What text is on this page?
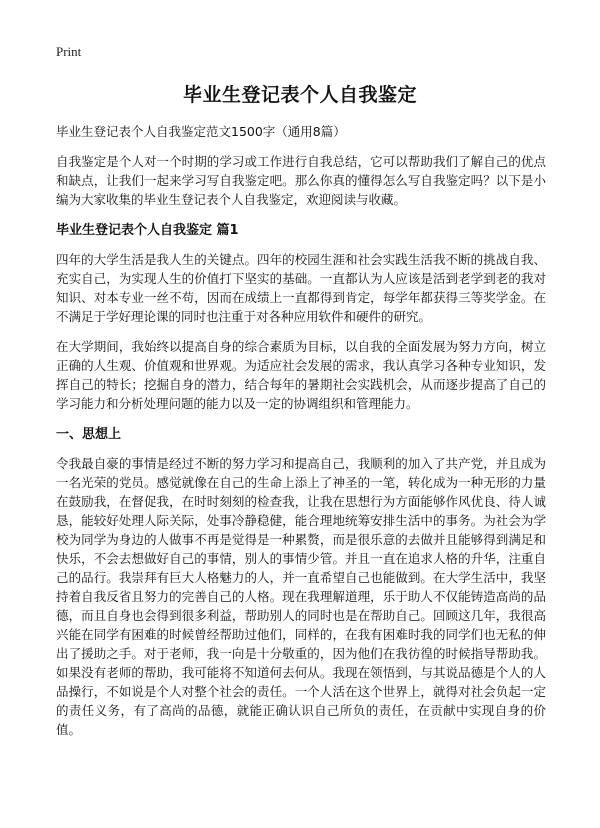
Print
毕业生登记表个人自我鉴定
毕业生登记表个人自我鉴定范文1500字（通用8篇）

自我鉴定是个人对一个时期的学习或工作进行自我总结，它可以帮助我们了解自己的优点和缺点，让我们一起来学习写自我鉴定吧。那么你真的懂得怎么写自我鉴定吗？以下是小编为大家收集的毕业生登记表个人自我鉴定，欢迎阅读与收藏。

毕业生登记表个人自我鉴定 篇1

四年的大学生活是我人生的关键点。四年的校园生涯和社会实践生活我不断的挑战自我、充实自己，为实现人生的价值打下坚实的基础。一直都认为人应该是活到老学到老的我对知识、对本专业一丝不苟，因而在成绩上一直都得到肯定，每学年都获得三等奖学金。在不满足于学好理论课的同时也注重于对各种应用软件和硬件的研究。

在大学期间，我始终以提高自身的综合素质为目标，以自我的全面发展为努力方向，树立正确的人生观、价值观和世界观。为适应社会发展的需求，我认真学习各种专业知识，发挥自己的特长；挖掘自身的潜力，结合每年的暑期社会实践机会，从而逐步提高了自己的学习能力和分析处理问题的能力以及一定的协调组织和管理能力。

一、思想上

令我最自豪的事情是经过不断的努力学习和提高自己，我顺利的加入了共产党，并且成为一名光荣的党员。感觉就像在自己的生命上添上了神圣的一笔，转化成为一种无形的力量在鼓励我，在督促我，在时时刻刻的检查我，让我在思想行为方面能够作风优良、待人诚恳，能较好处理人际关际，处事冷静稳健，能合理地统筹安排生活中的事务。为社会为学校为同学为身边的人做事不再是觉得是一种累赘，而是很乐意的去做并且能够得到满足和快乐，不会去想做好自己的事情，别人的事情少管。并且一直在追求人格的升华，注重自己的品行。我崇拜有巨大人格魅力的人，并一直希望自己也能做到。在大学生活中，我坚持着自我反省且努力的完善自己的人格。现在我理解道理，乐于助人不仅能铸造高尚的品德，而且自身也会得到很多利益，帮助别人的同时也是在帮助自己。回顾这几年，我很高兴能在同学有困难的时候曾经帮助过他们，同样的，在我有困难时我的同学们也无私的伸出了援助之手。对于老师，我一向是十分敬重的，因为他们在我彷徨的时候指导帮助我。如果没有老师的帮助，我可能将不知道何去何从。我现在领悟到，与其说品德是个人的人品操行，不如说是个人对整个社会的责任。一个人活在这个世界上，就得对社会负起一定的责任义务，有了高尚的品德，就能正确认识自己所负的责任，在贡献中实现自身的价值。
